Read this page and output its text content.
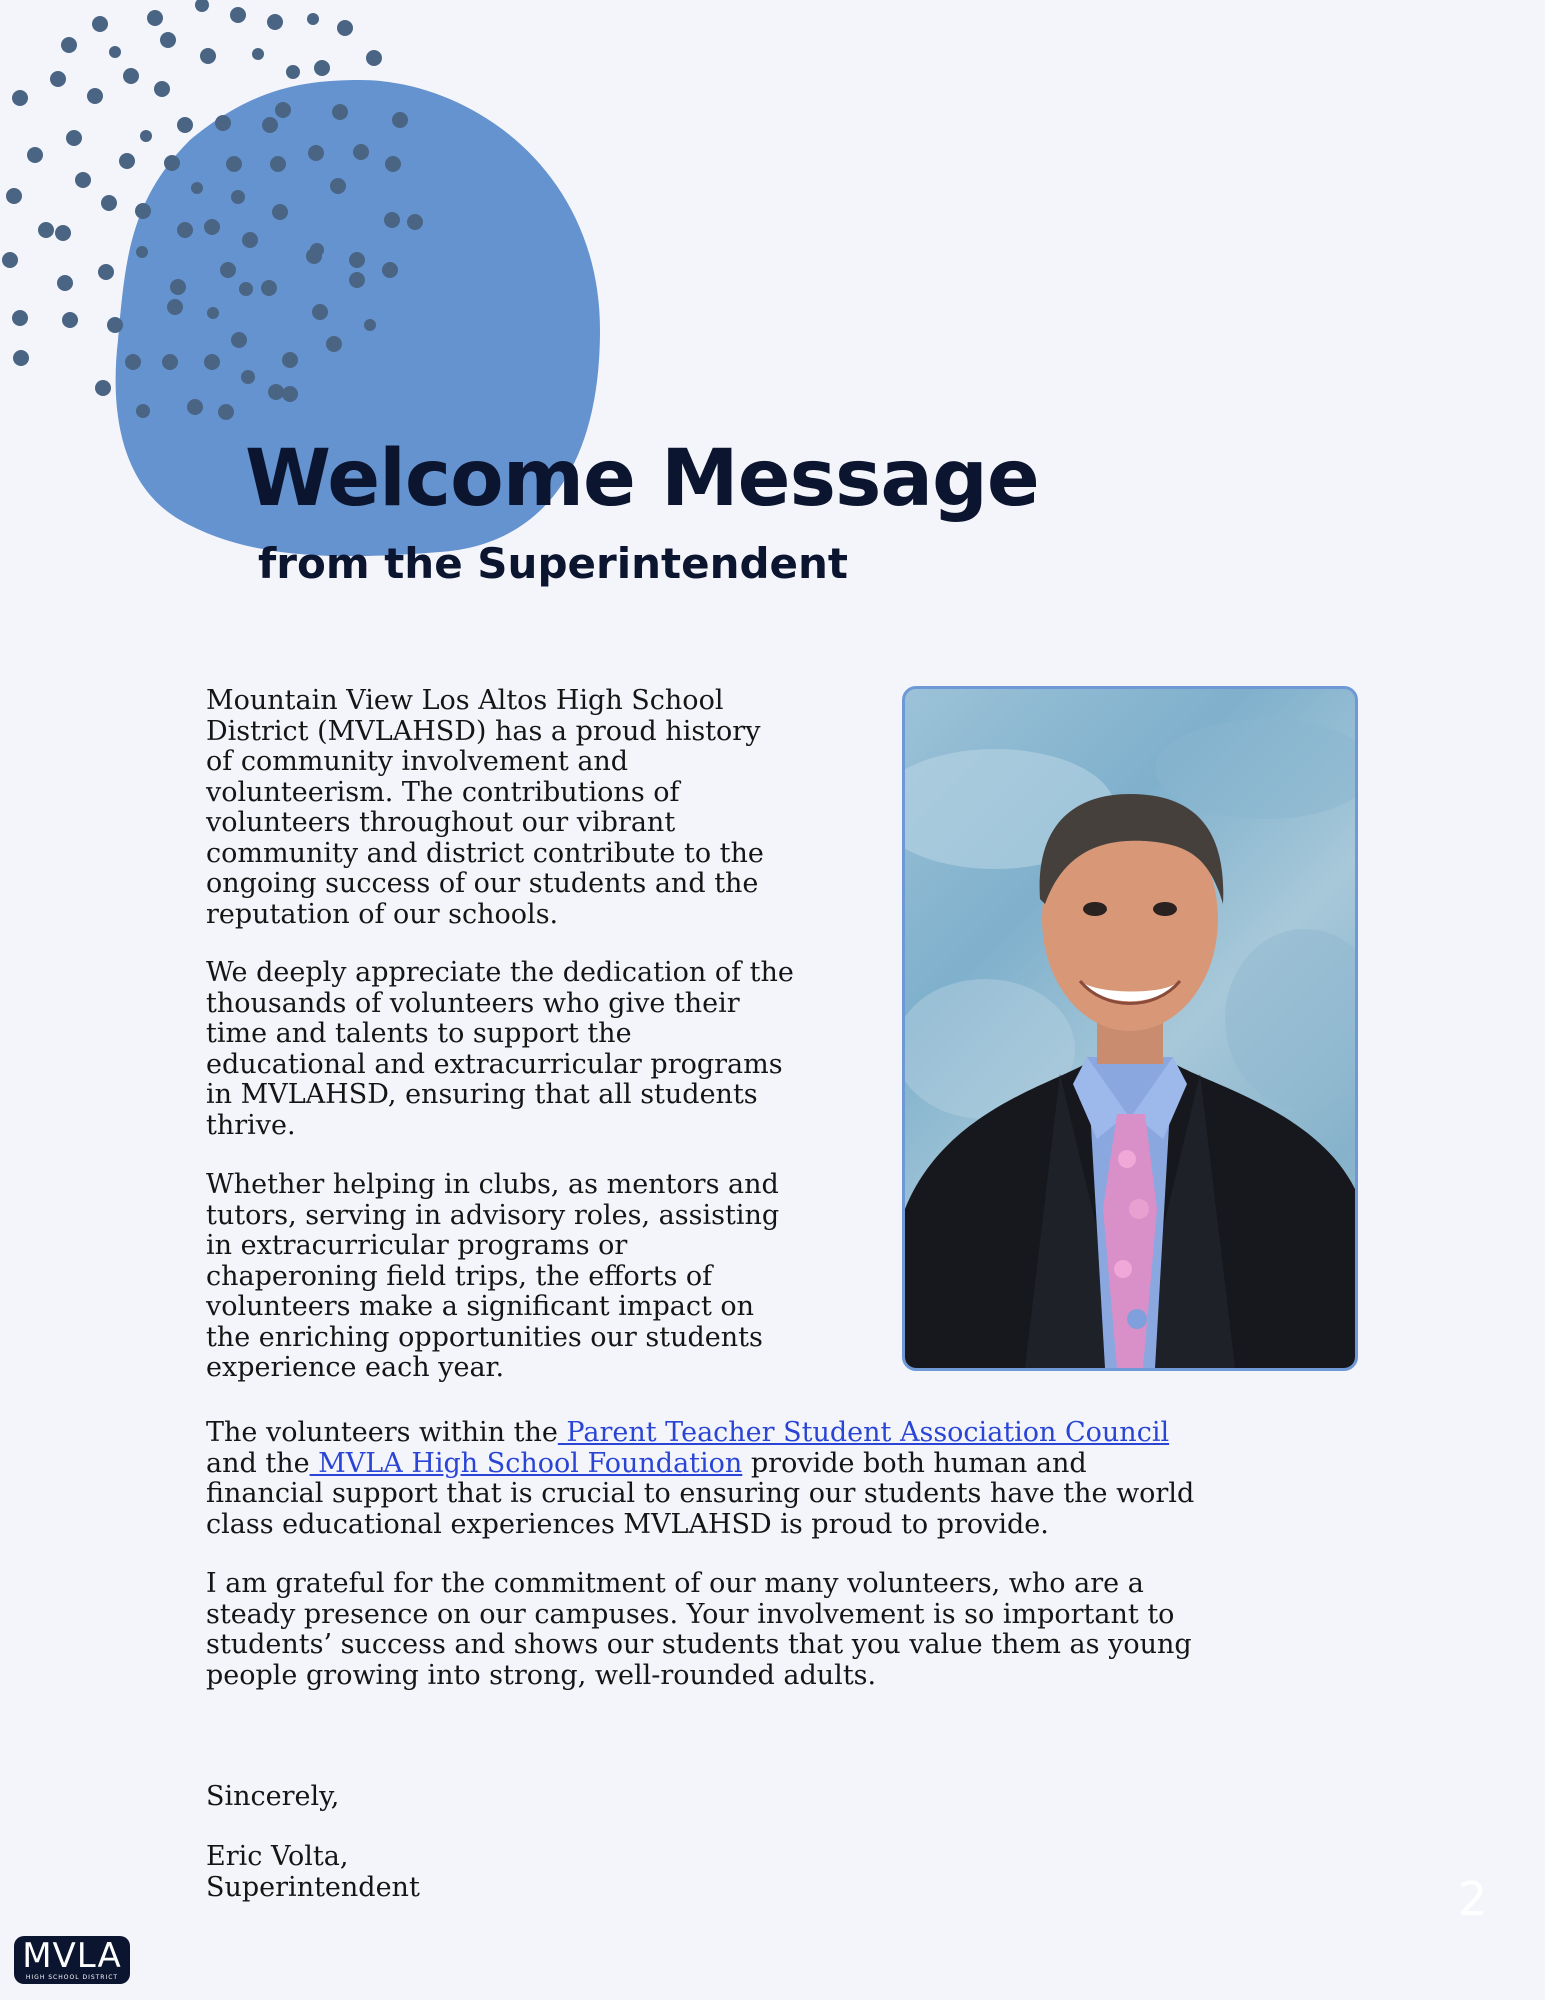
Welcome Message
from the Superintendent

Mountain View Los Altos High School
District (MVLAHSD) has a proud history
of community involvement and
volunteerism. The contributions of
volunteers throughout our vibrant
community and district contribute to the
ongoing success of our students and the
reputation of our schools.

We deeply appreciate the dedication of the
thousands of volunteers who give their
time and talents to support the
educational and extracurricular programs
in MVLAHSD, ensuring that all students
thrive.

Whether helping in clubs, as mentors and
tutors, serving in advisory roles, assisting
in extracurricular programs or
chaperoning field trips, the efforts of
volunteers make a significant impact on
the enriching opportunities our students
experience each year.

The volunteers within the Parent Teacher Student Association Council
and the MVLA High School Foundation provide both human and
financial support that is crucial to ensuring our students have the world
class educational experiences MVLAHSD is proud to provide.

I am grateful for the commitment of our many volunteers, who are a
steady presence on our campuses. Your involvement is so important to
students’ success and shows our students that you value them as young
people growing into strong, well-rounded adults.

Sincerely,

Eric Volta,
Superintendent	2
MVLA
HIGH SCHOOL DISTRICT
